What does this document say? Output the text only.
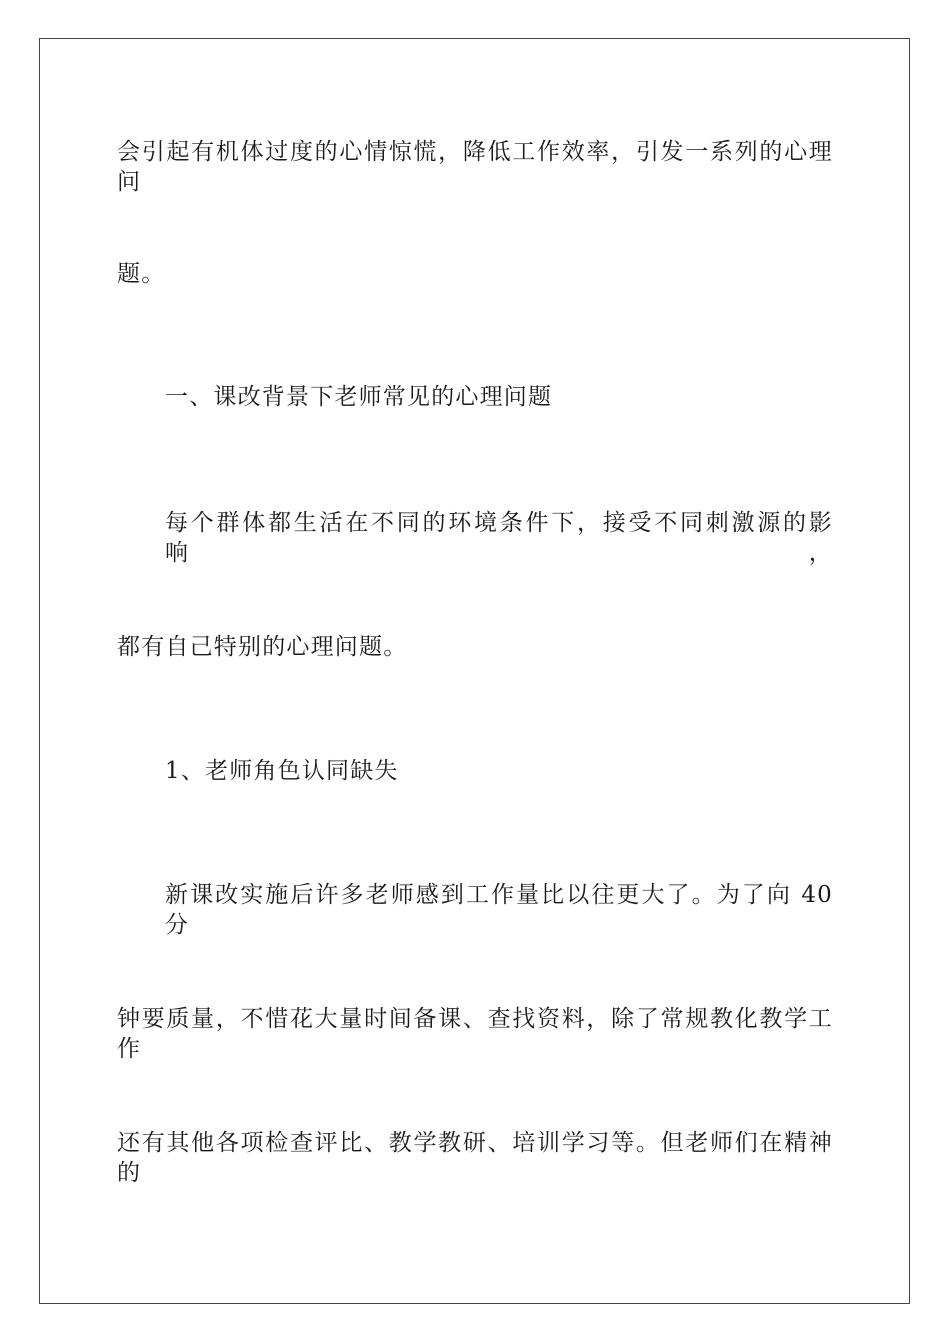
会引起有机体过度的心情惊慌，降低工作效率，引发一系列的心理问
题。
一、课改背景下老师常见的心理问题
每个群体都生活在不同的环境条件下，接受不同刺激源的影响，
都有自己特别的心理问题。
1、老师角色认同缺失
新课改实施后许多老师感到工作量比以往更大了。为了向 40 分
钟要质量，不惜花大量时间备课、查找资料，除了常规教化教学工作
还有其他各项检查评比、教学教研、培训学习等。但老师们在精神的
